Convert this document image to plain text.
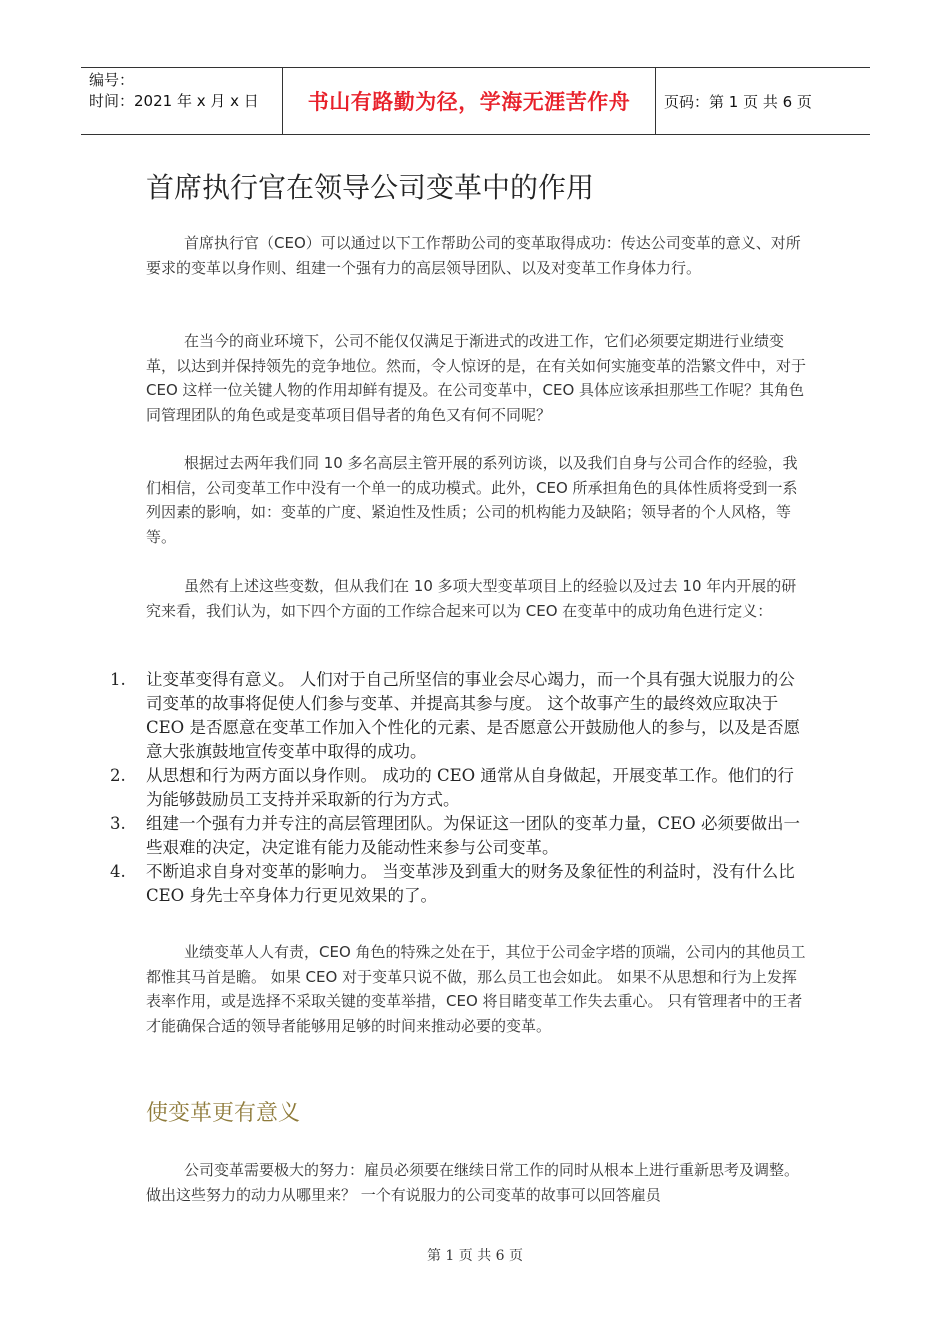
编号：
时间：2021 年 x 月 x 日	书山有路勤为径，学海无涯苦作舟	页码：第 1 页 共 6 页
首席执行官在领导公司变革中的作用

首席执行官（CEO）可以通过以下工作帮助公司的变革取得成功：传达公司变革的意义、对所要求的变革以身作则、组建一个强有力的高层领导团队、以及对变革工作身体力行。

在当今的商业环境下，公司不能仅仅满足于渐进式的改进工作，它们必须要定期进行业绩变革，以达到并保持领先的竞争地位。然而，令人惊讶的是，在有关如何实施变革的浩繁文件中，对于 CEO 这样一位关键人物的作用却鲜有提及。在公司变革中，CEO 具体应该承担那些工作呢？其角色同管理团队的角色或是变革项目倡导者的角色又有何不同呢？

根据过去两年我们同 10 多名高层主管开展的系列访谈，以及我们自身与公司合作的经验，我们相信，公司变革工作中没有一个单一的成功模式。此外，CEO 所承担角色的具体性质将受到一系列因素的影响，如：变革的广度、紧迫性及性质；公司的机构能力及缺陷；领导者的个人风格，等等。

虽然有上述这些变数，但从我们在 10 多项大型变革项目上的经验以及过去 10 年内开展的研究来看，我们认为，如下四个方面的工作综合起来可以为 CEO 在变革中的成功角色进行定义：

1.	让变革变得有意义。 人们对于自己所坚信的事业会尽心竭力，而一个具有强大说服力的公司变革的故事将促使人们参与变革、并提高其参与度。 这个故事产生的最终效应取决于 CEO 是否愿意在变革工作加入个性化的元素、是否愿意公开鼓励他人的参与，以及是否愿意大张旗鼓地宣传变革中取得的成功。
2.	从思想和行为两方面以身作则。 成功的 CEO 通常从自身做起，开展变革工作。他们的行为能够鼓励员工支持并采取新的行为方式。
3.	组建一个强有力并专注的高层管理团队。为保证这一团队的变革力量，CEO 必须要做出一些艰难的决定，决定谁有能力及能动性来参与公司变革。
4.	不断追求自身对变革的影响力。 当变革涉及到重大的财务及象征性的利益时，没有什么比 CEO 身先士卒身体力行更见效果的了。

业绩变革人人有责，CEO 角色的特殊之处在于，其位于公司金字塔的顶端，公司内的其他员工都惟其马首是瞻。 如果 CEO 对于变革只说不做，那么员工也会如此。 如果不从思想和行为上发挥表率作用，或是选择不采取关键的变革举措，CEO 将目睹变革工作失去重心。 只有管理者中的王者才能确保合适的领导者能够用足够的时间来推动必要的变革。

使变革更有意义

公司变革需要极大的努力：雇员必须要在继续日常工作的同时从根本上进行重新思考及调整。 做出这些努力的动力从哪里来？ 一个有说服力的公司变革的故事可以回答雇员

第 1 页 共 6 页
